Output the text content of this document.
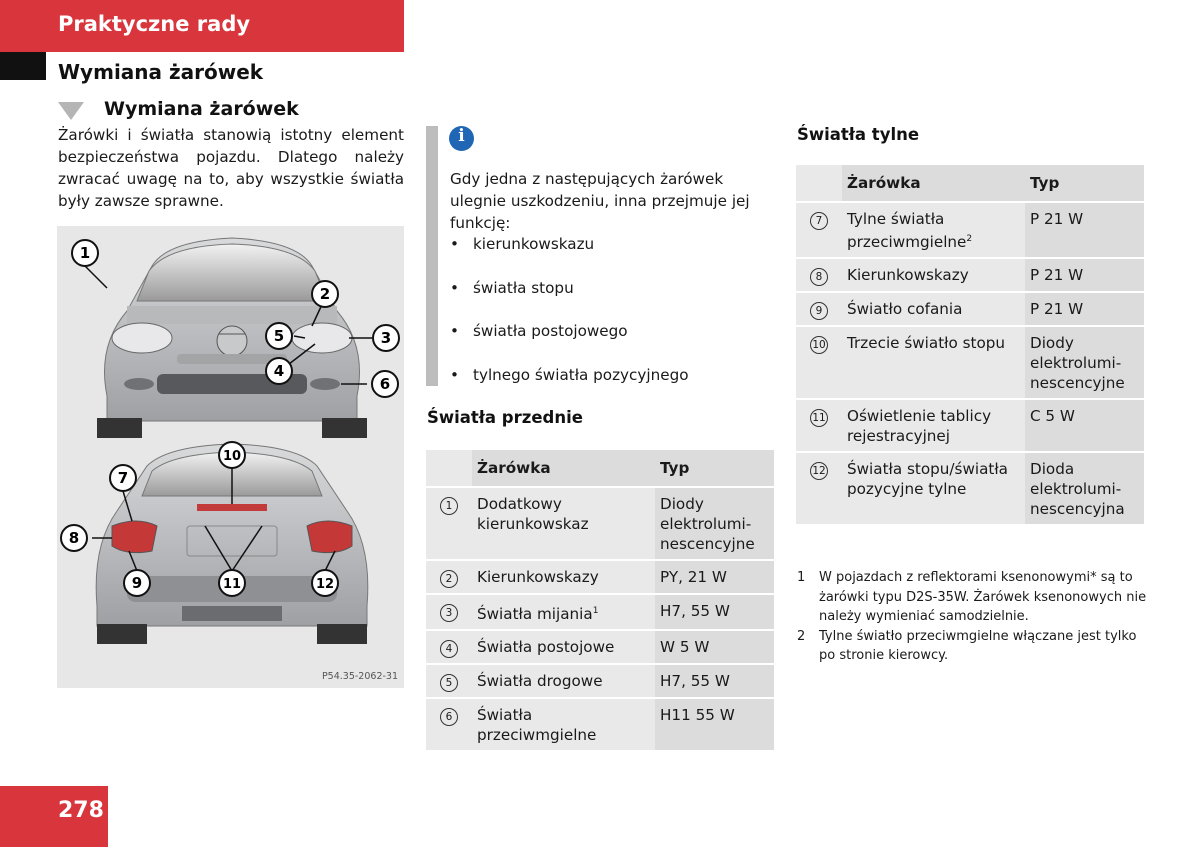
Praktyczne rady
Wymiana żarówek
Wymiana żarówek

Żarówki i światła stanowią istotny element bezpieczeństwa pojazdu. Dlatego należy zwracać uwagę na to, aby wszystkie światła były zawsze sprawne.

1
2
3
4
5
6
10
7
8
9	11	12
P54.35-2062-31
i

Gdy jedna z następujących żarówek ulegnie uszkodzeniu, inna przejmuje jej funkcję:

• kierunkowskazu
• światła stopu
• światła postojowego
• tylnego światła pozycyjnego
Światła przednie
	Żarówka	Typ
1	Dodatkowy kierunkowskaz	Diody elektrolumi-nescencyjne
2	Kierunkowskazy	PY, 21 W
3	Światła mijania$^1$	H7, 55 W
4	Światła postojowe	W 5 W
5	Światła drogowe	H7, 55 W
6	Światła przeciwmgielne	H11 55 W
Światła tylne
	Żarówka	Typ
7	Tylne światła przeciwmgielne$^2$	P 21 W
8	Kierunkowskazy	P 21 W
9	Światło cofania	P 21 W
10	Trzecie światło stopu	Diody elektrolumi-nescencyjne
11	Oświetlenie tablicy rejestracyjnej	C 5 W
12	Światła stopu/światła pozycyjne tylne	Dioda elektrolumi-nescencyjna
1	W pojazdach z reflektorami ksenonowymi* są to żarówki typu D2S-35W. Żarówek ksenonowych nie należy wymieniać samodzielnie.
2	Tylne światło przeciwmgielne włączane jest tylko po stronie kierowcy.
278
